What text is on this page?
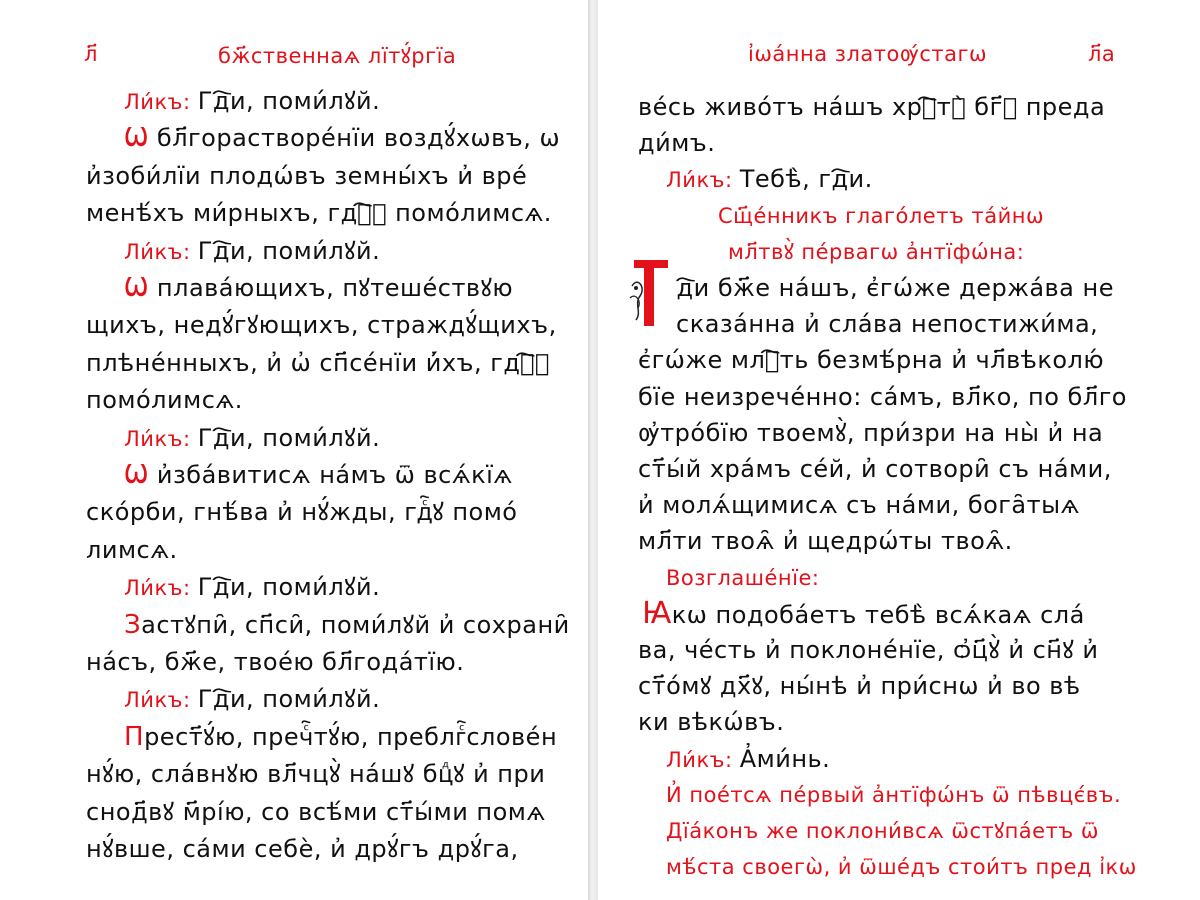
л҃	бж҃ственнаѧ лїтꙋ́ргїа
Ли́къ: Гд҇и, поми́лꙋй.
Ѡ бл҃горастворе́нїи воздꙋ́хѡвъ, ѡ
и҆зоби́лїи плодѡ́въ земны́хъ и҆ вре́
менѣ́хъ ми́рныхъ, гдⷭ҇ꙋ помо́лимсѧ.
Ли́къ: Гд҇и, поми́лꙋй.
Ѡ плава́ющихъ, пꙋтеше́ствꙋю
щихъ, недꙋ́гꙋющихъ, страждꙋ́щихъ,
плѣне́нныхъ, и҆ ѡ҆ сп҃се́нїи и҆́хъ, гдⷭ҇ꙋ
помо́лимсѧ.
Ли́къ: Гд҇и, поми́лꙋй.
Ѡ и҆зба́витисѧ на́мъ ѿ всѧ́кїѧ
ско́рби, гнѣ́ва и҆ нꙋ́жды, гдⷭ҇ꙋ помо́
лимсѧ.
Ли́къ: Гд҇и, поми́лꙋй.
Застꙋпи̑, сп҃си̑, поми́лꙋй и҆ сохрани̑
на́съ, бж҃е, твое́ю бл҃года́тїю.
Ли́къ: Гд҇и, поми́лꙋй.
Прест҃ꙋ́ю, пречⷭ҇тꙋ́ю, преблгⷭ҇слове́н
нꙋ́ю, сла́внꙋю вл҃чцꙋ̀ на́шꙋ бцⷣꙋ и҆ при
снод҃вꙋ м҃рі́ю, со всѣ́ми ст҃ы́ми помѧ
нꙋ́вше, са́ми себѐ, и҆ дрꙋ́гъ дрꙋ́га,
і҆ѡа́нна златоѹ́стагѡ	л҃а
ве́сь живо́тъ на́шъ хрⷭ҇тꙋ̀ бг҃ꙋ преда
ди́мъ.
Ли́къ: Тебѣ̀, гд҇и.
Сщ҃е́нникъ глаго́летъ та́йнѡ
мл҃твꙋ̀ пе́рвагѡ а҆нтїфѡ́на:
д҇и бж҃е на́шъ, є҆гѡ́же держа́ва не
сказа́нна и҆ сла́ва непостижи́ма,
є҆гѡ́же млⷭ҇ть безмѣ́рна и҆ чл҃вѣколю́
бїе неизрече́нно: са́мъ, вл҃ко, по бл҃го
ѹ҆тро́бїю твоемꙋ̀, при́зри на ны̀ и҆ на
ст҃ы́й хра́мъ се́й, и҆ сотвори̑ съ на́ми,
и҆ молѧ́щимисѧ съ на́ми, бога̑тыѧ
мл҃ти твоѧ̑ и҆ щедрѡ́ты твоѧ̑.
Возглаше́нїе:
Ꙗкѡ подоба́етъ тебѣ̀ всѧ́каѧ сла́
ва, че́сть и҆ поклоне́нїе, ѻ҆ц҃ꙋ̀ и҆ сн҃ꙋ и҆
ст҃о́мꙋ дх҃ꙋ, ны́нѣ и҆ при́снѡ и҆ во вѣ
ки вѣкѡ́въ.
Ли́къ: А҆ми́нь.
И҆ пое́тсѧ пе́рвый а҆нтїфѡ́нъ ѿ пѣвцє́въ.
Дїа́конъ же поклони́всѧ ѿстꙋпа́етъ ѿ
мѣ́ста своегѡ̀, и҆ ѿше́дъ стои́тъ пред і҆кѡ
